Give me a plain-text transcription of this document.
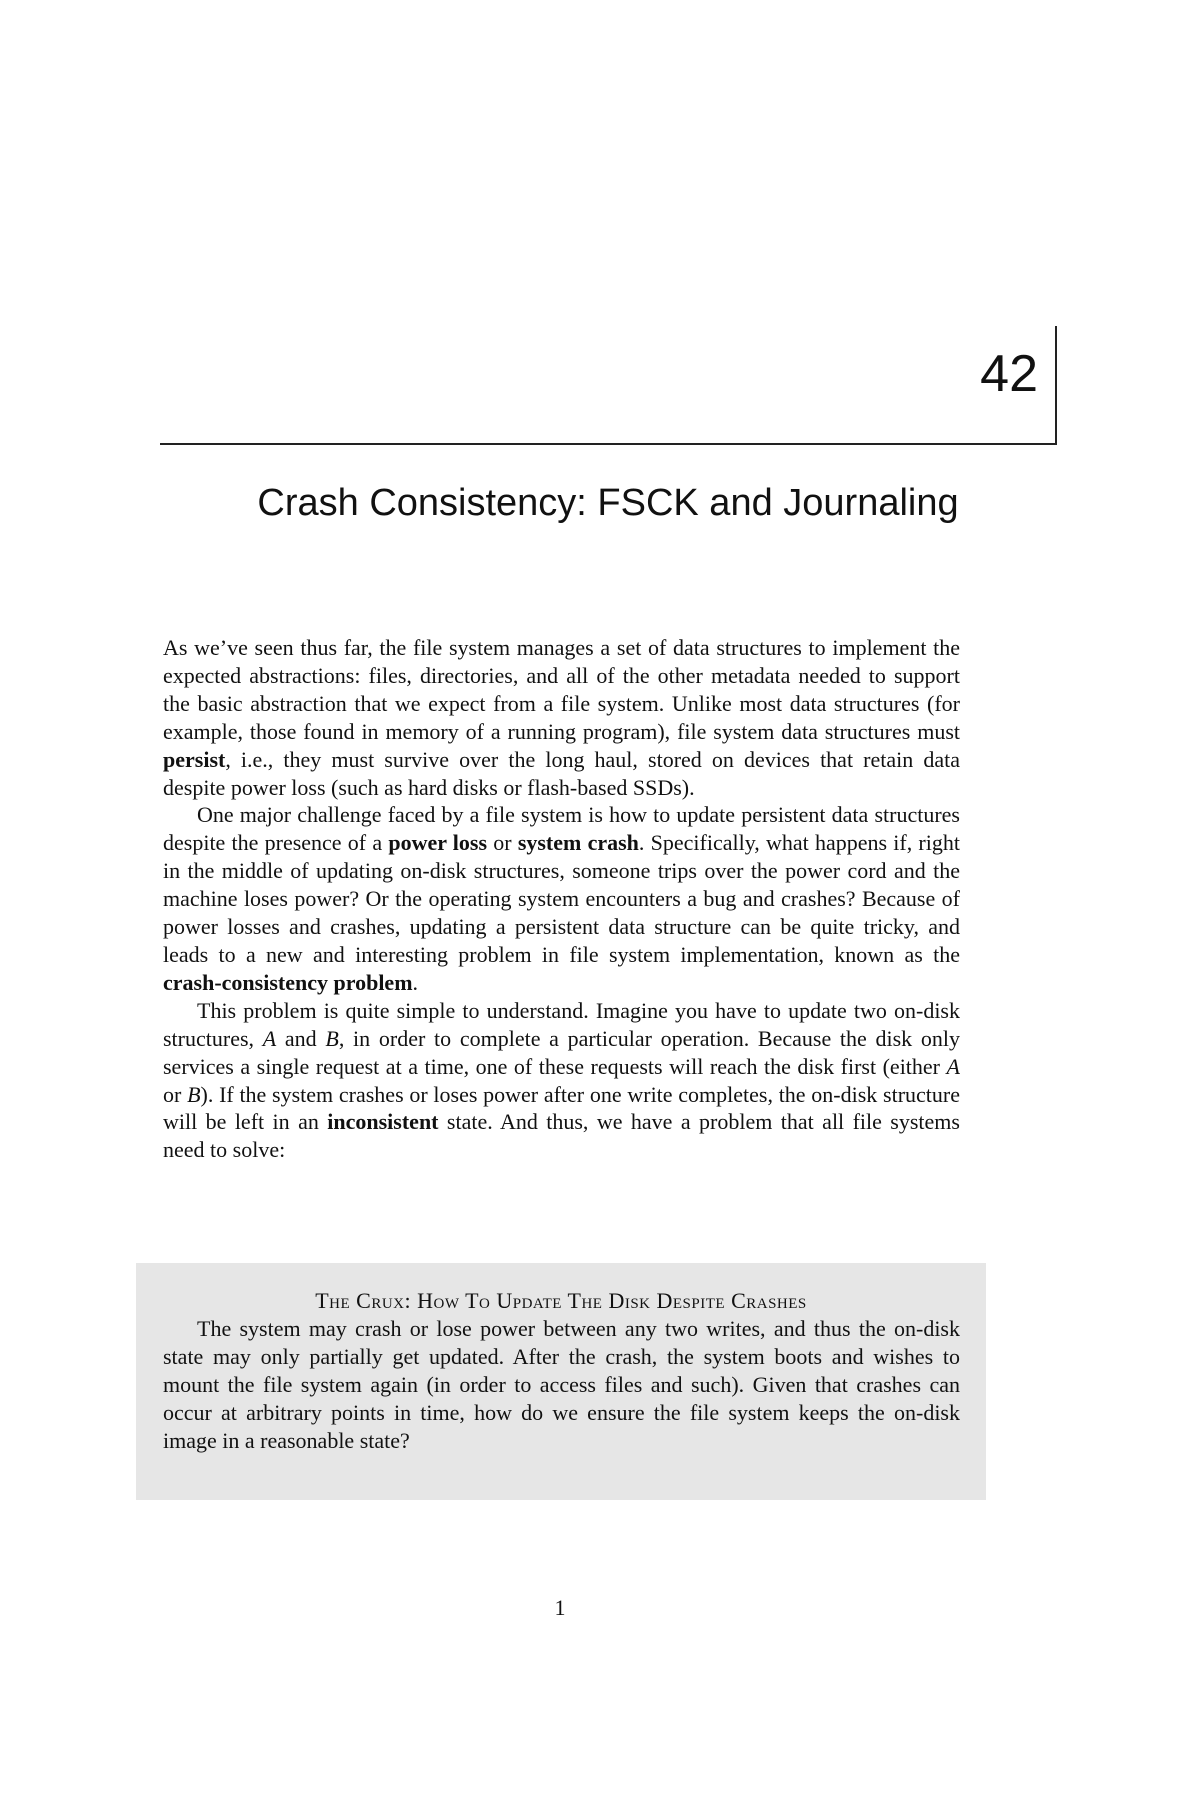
42
Crash Consistency: FSCK and Journaling

As we’ve seen thus far, the file system manages a set of data structures to implement the expected abstractions: files, directories, and all of the other metadata needed to support the basic abstraction that we expect from a file system. Unlike most data structures (for example, those found in memory of a running program), file system data structures must persist, i.e., they must survive over the long haul, stored on devices that retain data despite power loss (such as hard disks or flash-based SSDs).

One major challenge faced by a file system is how to update persistent data structures despite the presence of a power loss or system crash. Specifically, what happens if, right in the middle of updating on-disk structures, someone trips over the power cord and the machine loses power? Or the operating system encounters a bug and crashes? Because of power losses and crashes, updating a persistent data structure can be quite tricky, and leads to a new and interesting problem in file system implementation, known as the crash-consistency problem.

This problem is quite simple to understand. Imagine you have to update two on-disk structures, A and B, in order to complete a particular operation. Because the disk only services a single request at a time, one of these requests will reach the disk first (either A or B). If the system crashes or loses power after one write completes, the on-disk structure will be left in an inconsistent state. And thus, we have a problem that all file systems need to solve:

The Crux: How To Update The Disk Despite Crashes

The system may crash or lose power between any two writes, and thus the on-disk state may only partially get updated. After the crash, the system boots and wishes to mount the file system again (in order to access files and such). Given that crashes can occur at arbitrary points in time, how do we ensure the file system keeps the on-disk image in a reasonable state?

1
